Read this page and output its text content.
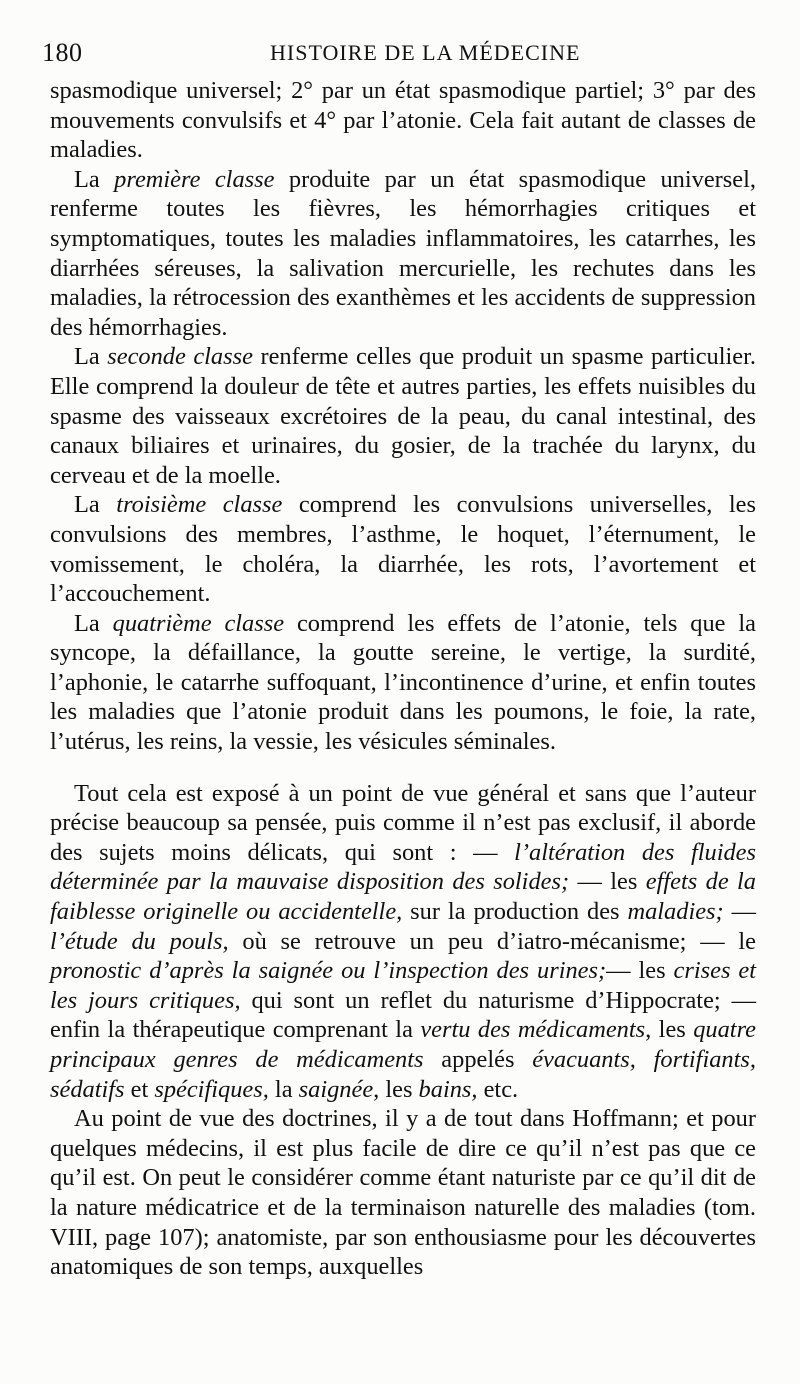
180	HISTOIRE DE LA MÉDECINE

spasmodique universel; 2° par un état spasmodique partiel; 3° par des mouvements convulsifs et 4° par l’atonie. Cela fait autant de classes de maladies.

La première classe produite par un état spasmodique universel, renferme toutes les fièvres, les hémorrhagies critiques et symptomatiques, toutes les maladies inflammatoires, les catarrhes, les diarrhées séreuses, la salivation mercurielle, les rechutes dans les maladies, la rétrocession des exanthèmes et les accidents de suppression des hémorrhagies.

La seconde classe renferme celles que produit un spasme particulier. Elle comprend la douleur de tête et autres parties, les effets nuisibles du spasme des vaisseaux excrétoires de la peau, du canal intestinal, des canaux biliaires et urinaires, du gosier, de la trachée du larynx, du cerveau et de la moelle.

La troisième classe comprend les convulsions universelles, les convulsions des membres, l’asthme, le hoquet, l’éternument, le vomissement, le choléra, la diarrhée, les rots, l’avortement et l’accouchement.

La quatrième classe comprend les effets de l’atonie, tels que la syncope, la défaillance, la goutte sereine, le vertige, la surdité, l’aphonie, le catarrhe suffoquant, l’incontinence d’urine, et enfin toutes les maladies que l’atonie produit dans les poumons, le foie, la rate, l’utérus, les reins, la vessie, les vésicules séminales.

Tout cela est exposé à un point de vue général et sans que l’auteur précise beaucoup sa pensée, puis comme il n’est pas exclusif, il aborde des sujets moins délicats, qui sont : — l’altération des fluides déterminée par la mauvaise disposition des solides; — les effets de la faiblesse originelle ou accidentelle, sur la production des maladies; — l’étude du pouls, où se retrouve un peu d’iatro-mécanisme; — le pronostic d’après la saignée ou l’inspection des urines;— les crises et les jours critiques, qui sont un reflet du naturisme d’Hippocrate; — enfin la thérapeutique comprenant la vertu des médicaments, les quatre principaux genres de médicaments appelés évacuants, fortifiants, sédatifs et spécifiques, la saignée, les bains, etc.

Au point de vue des doctrines, il y a de tout dans Hoffmann; et pour quelques médecins, il est plus facile de dire ce qu’il n’est pas que ce qu’il est. On peut le considérer comme étant naturiste par ce qu’il dit de la nature médicatrice et de la terminaison naturelle des maladies (tom. VIII, page 107); anatomiste, par son enthousiasme pour les découvertes anatomiques de son temps, auxquelles
